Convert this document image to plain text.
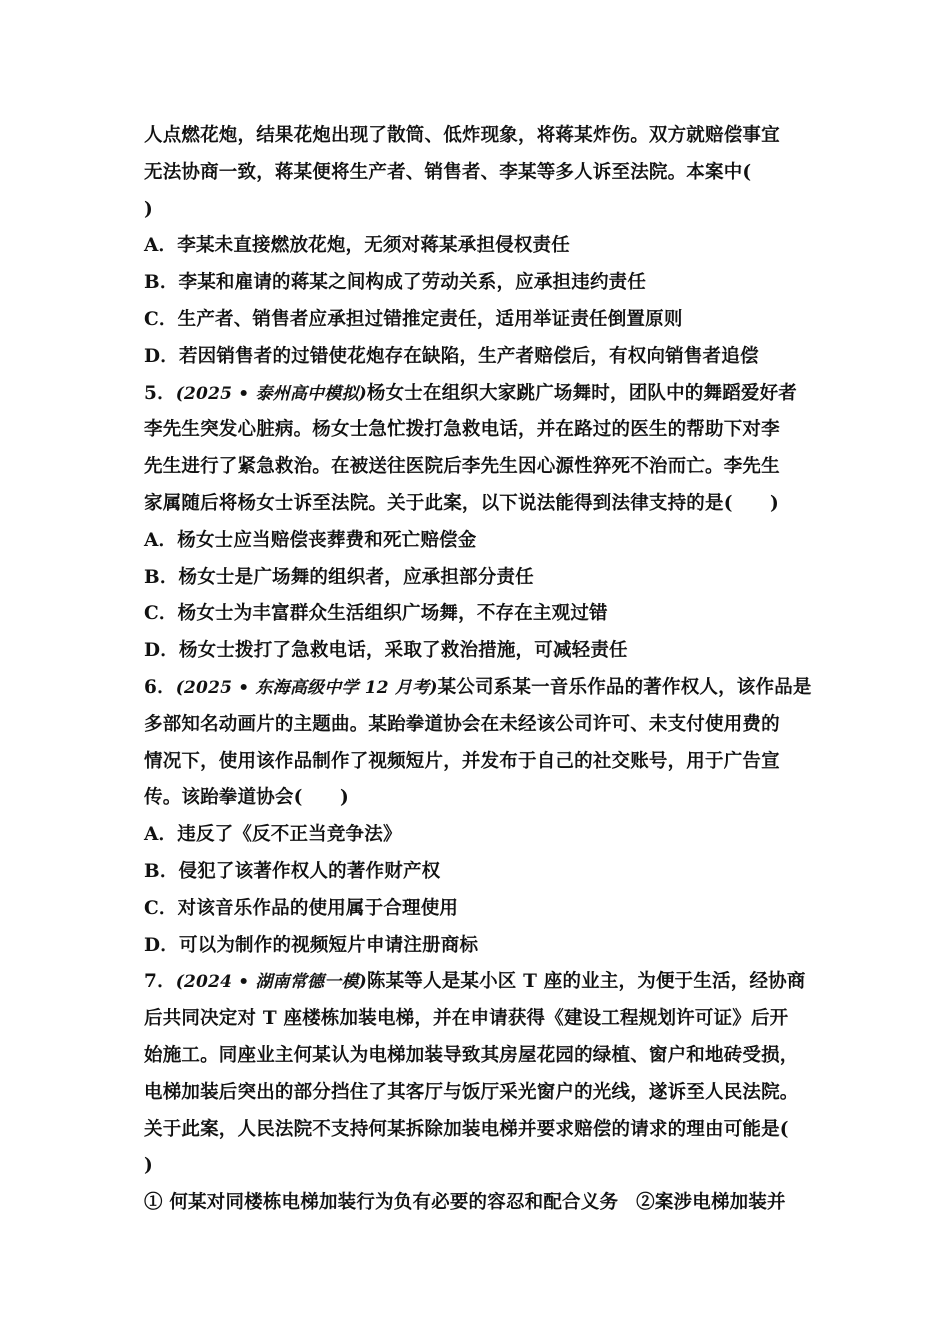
人点燃花炮，结果花炮出现了散筒、低炸现象，将蒋某炸伤。双方就赔偿事宜
无法协商一致，蒋某便将生产者、销售者、李某等多人诉至法院。本案中(
)
A．李某未直接燃放花炮，无须对蒋某承担侵权责任
B．李某和雇请的蒋某之间构成了劳动关系，应承担违约责任
C．生产者、销售者应承担过错推定责任，适用举证责任倒置原则
D．若因销售者的过错使花炮存在缺陷，生产者赔偿后，有权向销售者追偿
5．(2025 • 泰州高中模拟)杨女士在组织大家跳广场舞时，团队中的舞蹈爱好者
李先生突发心脏病。杨女士急忙拨打急救电话，并在路过的医生的帮助下对李
先生进行了紧急救治。在被送往医院后李先生因心源性猝死不治而亡。李先生
家属随后将杨女士诉至法院。关于此案，以下说法能得到法律支持的是(　　)
A．杨女士应当赔偿丧葬费和死亡赔偿金
B．杨女士是广场舞的组织者，应承担部分责任
C．杨女士为丰富群众生活组织广场舞，不存在主观过错
D．杨女士拨打了急救电话，采取了救治措施，可减轻责任
6．(2025 • 东海高级中学 12 月考)某公司系某一音乐作品的著作权人，该作品是
多部知名动画片的主题曲。某跆拳道协会在未经该公司许可、未支付使用费的
情况下，使用该作品制作了视频短片，并发布于自己的社交账号，用于广告宣
传。该跆拳道协会(　　)
A．违反了《反不正当竞争法》
B．侵犯了该著作权人的著作财产权
C．对该音乐作品的使用属于合理使用
D．可以为制作的视频短片申请注册商标
7．(2024 • 湖南常德一模)陈某等人是某小区 T 座的业主，为便于生活，经协商
后共同决定对 T 座楼栋加装电梯，并在申请获得《建设工程规划许可证》后开
始施工。同座业主何某认为电梯加装导致其房屋花园的绿植、窗户和地砖受损，
电梯加装后突出的部分挡住了其客厅与饭厅采光窗户的光线，遂诉至人民法院。
关于此案，人民法院不支持何某拆除加装电梯并要求赔偿的请求的理由可能是(
)
① 何某对同楼栋电梯加装行为负有必要的容忍和配合义务 ②案涉电梯加装并
